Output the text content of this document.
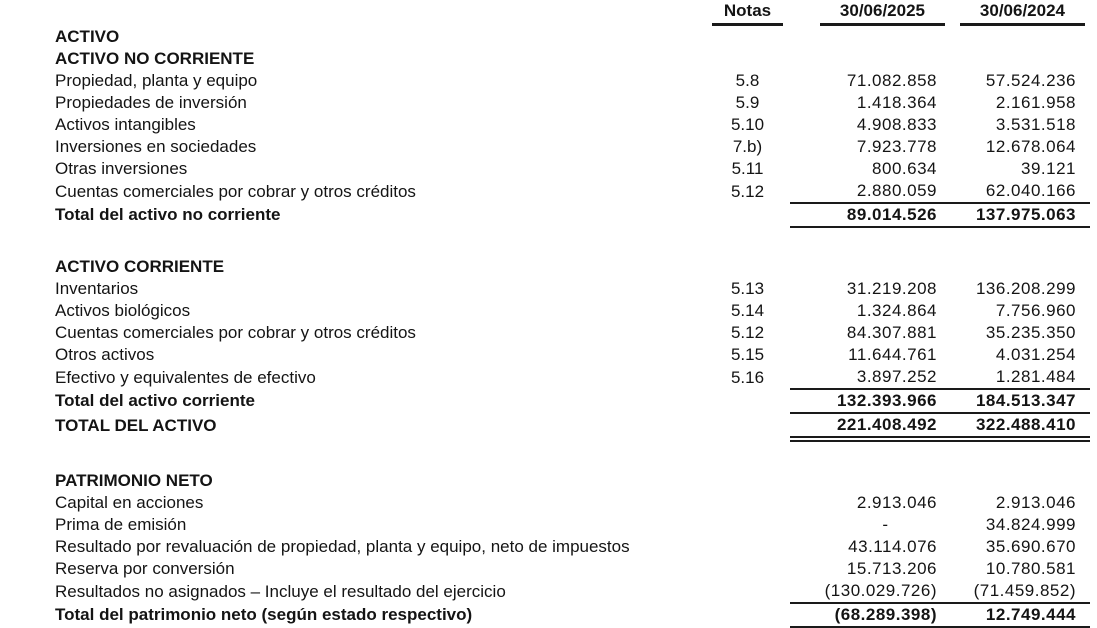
	Notas	30/06/2025	30/06/2024
ACTIVO			
ACTIVO NO CORRIENTE			
Propiedad, planta y equipo	5.8	71.082.858	57.524.236
Propiedades de inversión	5.9	1.418.364	2.161.958
Activos intangibles	5.10	4.908.833	3.531.518
Inversiones en sociedades	7.b)	7.923.778	12.678.064
Otras inversiones	5.11	800.634	39.121
Cuentas comerciales por cobrar y otros créditos	5.12	2.880.059	62.040.166
Total del activo no corriente		89.014.526	137.975.063

ACTIVO CORRIENTE			
Inventarios	5.13	31.219.208	136.208.299
Activos biológicos	5.14	1.324.864	7.756.960
Cuentas comerciales por cobrar y otros créditos	5.12	84.307.881	35.235.350
Otros activos	5.15	11.644.761	4.031.254
Efectivo y equivalentes de efectivo	5.16	3.897.252	1.281.484
Total del activo corriente		132.393.966	184.513.347
TOTAL DEL ACTIVO		221.408.492	322.488.410

PATRIMONIO NETO			
Capital en acciones		2.913.046	2.913.046
Prima de emisión		-	34.824.999
Resultado por revaluación de propiedad, planta y equipo, neto de impuestos		43.114.076	35.690.670
Reserva por conversión		15.713.206	10.780.581
Resultados no asignados – Incluye el resultado del ejercicio		(130.029.726)	(71.459.852)
Total del patrimonio neto (según estado respectivo)		(68.289.398)	12.749.444
